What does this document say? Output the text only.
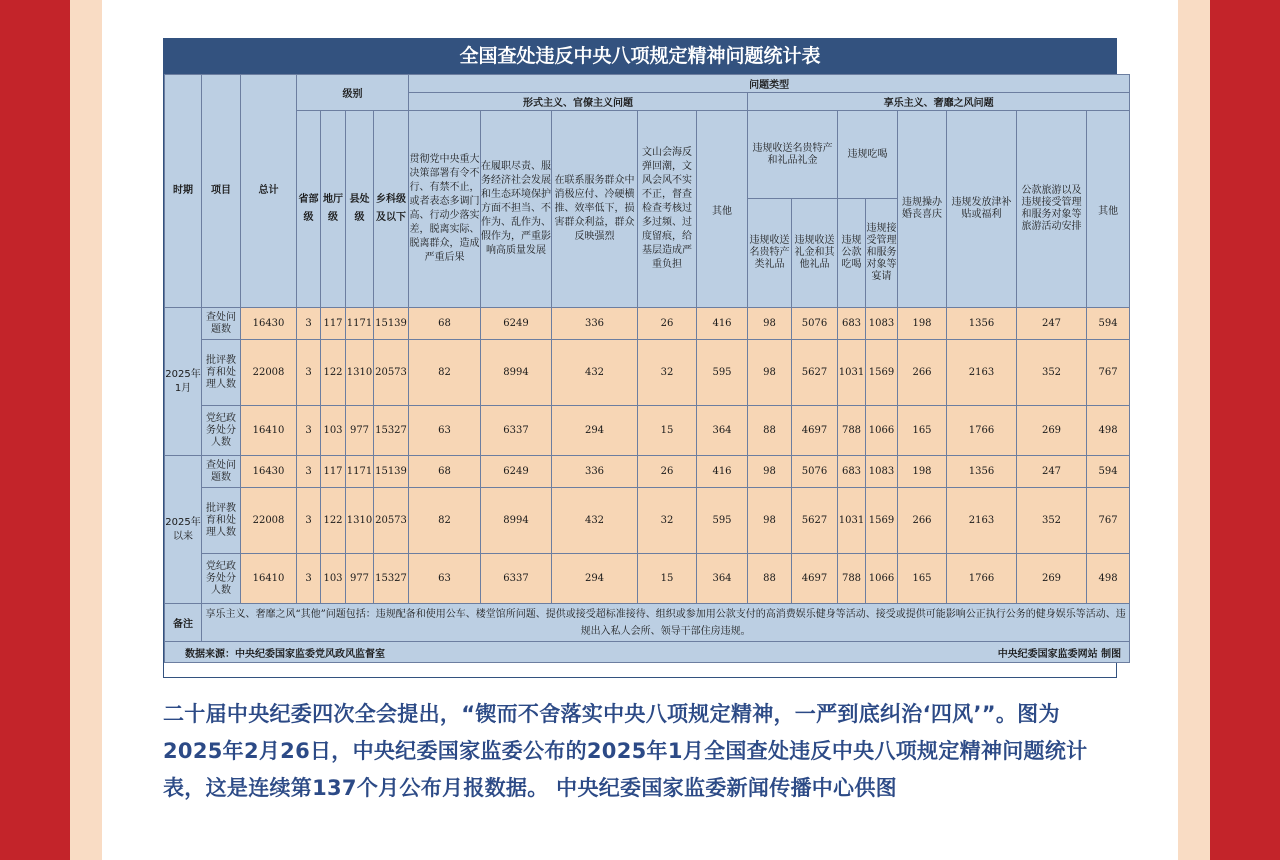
全国查处违反中央八项规定精神问题统计表
时期	项目	总计	级别				问题类型												
							形式主义、官僚主义问题					享乐主义、奢靡之风问题							
			省部级	地厅级	县处级	乡科级及以下	贯彻党中央重大决策部署有令不行、有禁不止，或者表态多调门高、行动少落实差，脱离实际、脱离群众，造成严重后果	在履职尽责、服务经济社会发展和生态环境保护方面不担当、不作为、乱作为、假作为，严重影响高质量发展	在联系服务群众中消极应付、冷硬横推、效率低下，损害群众利益，群众反映强烈	文山会海反弹回潮，文风会风不实不正，督查检查考核过多过频、过度留痕，给基层造成严重负担	其他	违规收送名贵特产和礼品礼金		违规吃喝		违规操办婚丧喜庆	违规发放津补贴或福利	公款旅游以及违规接受管理和服务对象等旅游活动安排	其他
												违规收送名贵特产类礼品	违规收送礼金和其他礼品	违规公款吃喝	违规接受管理和服务对象等宴请				
2025年1月	查处问题数	16430	3	117	1171	15139	68	6249	336	26	416	98	5076	683	1083	198	1356	247	594
	批评教育和处理人数	22008	3	122	1310	20573	82	8994	432	32	595	98	5627	1031	1569	266	2163	352	767
	党纪政务处分人数	16410	3	103	977	15327	63	6337	294	15	364	88	4697	788	1066	165	1766	269	498
2025年以来	查处问题数	16430	3	117	1171	15139	68	6249	336	26	416	98	5076	683	1083	198	1356	247	594
	批评教育和处理人数	22008	3	122	1310	20573	82	8994	432	32	595	98	5627	1031	1569	266	2163	352	767
	党纪政务处分人数	16410	3	103	977	15327	63	6337	294	15	364	88	4697	788	1066	165	1766	269	498
备注	享乐主义、奢靡之风“其他”问题包括：违规配备和使用公车、楼堂馆所问题、提供或接受超标准接待、组织或参加用公款支付的高消费娱乐健身等活动、接受或提供可能影响公正执行公务的健身娱乐等活动、违规出入私人会所、领导干部住房违规。																		

数据来源：中央纪委国家监委党风政风监督室 中央纪委国家监委网站 制图																			
二十届中央纪委四次全会提出，“锲而不舍落实中央八项规定精神，一严到底纠治‘四风’”。图为2025年2月26日，中央纪委国家监委公布的2025年1月全国查处违反中央八项规定精神问题统计表，这是连续第137个月公布月报数据。 中央纪委国家监委新闻传播中心供图
